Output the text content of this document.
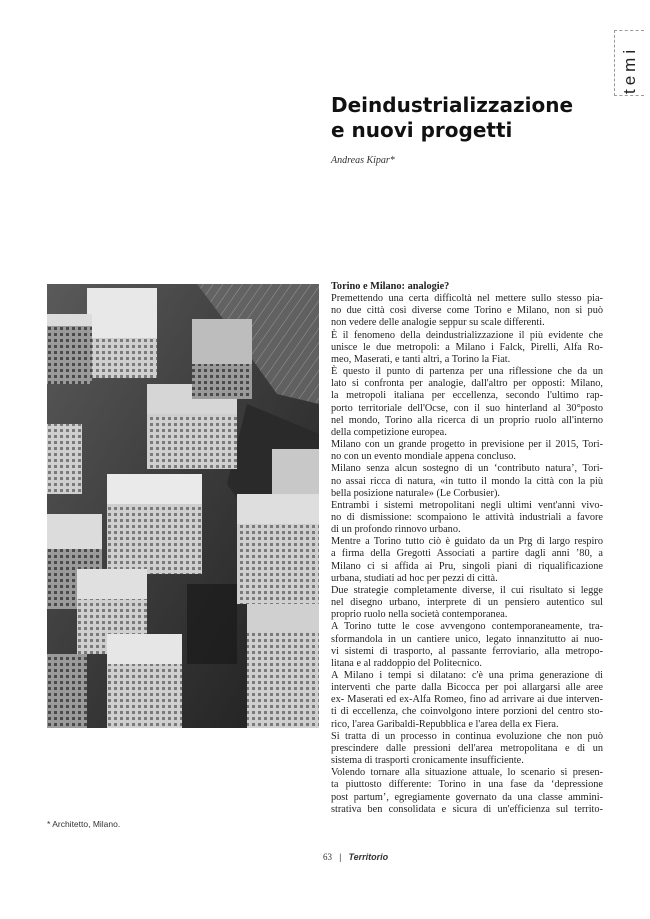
temi
Deindustrializzazione
e nuovi progetti
Andreas Kipar*
Torino e Milano: analogie?
Premettendo una certa difficoltà nel mettere sullo stesso pia-
no due città così diverse come Torino e Milano, non si può
non vedere delle analogie seppur su scale differenti.
È il fenomeno della deindustrializzazione il più evidente che
unisce le due metropoli: a Milano i Falck, Pirelli, Alfa Ro-
meo, Maserati, e tanti altri, a Torino la Fiat.
È questo il punto di partenza per una riflessione che da un
lato si confronta per analogie, dall'altro per opposti: Milano,
la metropoli italiana per eccellenza, secondo l'ultimo rap-
porto territoriale dell'Ocse, con il suo hinterland al 30°posto
nel mondo, Torino alla ricerca di un proprio ruolo all'interno
della competizione europea.
Milano con un grande progetto in previsione per il 2015, Tori-
no con un evento mondiale appena concluso.
Milano senza alcun sostegno di un ‘contributo natura’, Tori-
no assai ricca di natura, «in tutto il mondo la città con la più
bella posizione naturale» (Le Corbusier).
Entrambi i sistemi metropolitani negli ultimi vent'anni vivo-
no di dismissione: scompaiono le attività industriali a favore
di un profondo rinnovo urbano.
Mentre a Torino tutto ciò è guidato da un Prg di largo respiro
a firma della Gregotti Associati a partire dagli anni ’80, a
Milano ci si affida ai Pru, singoli piani di riqualificazione
urbana, studiati ad hoc per pezzi di città.
Due strategie completamente diverse, il cui risultato si legge
nel disegno urbano, interprete di un pensiero autentico sul
proprio ruolo nella società contemporanea.
A Torino tutte le cose avvengono contemporaneamente, tra-
sformandola in un cantiere unico, legato innanzitutto ai nuo-
vi sistemi di trasporto, al passante ferroviario, alla metropo-
litana e al raddoppio del Politecnico.
A Milano i tempi si dilatano: c'è una prima generazione di
interventi che parte dalla Bicocca per poi allargarsi alle aree
ex- Maserati ed ex-Alfa Romeo, fino ad arrivare ai due interven-
ti di eccellenza, che coinvolgono intere porzioni del centro sto-
rico, l'area Garibaldi-Repubblica e l'area della ex Fiera.
Si tratta di un processo in continua evoluzione che non può
prescindere dalle pressioni dell'area metropolitana e di un
sistema di trasporti cronicamente insufficiente.
Volendo tornare alla situazione attuale, lo scenario si presen-
ta piuttosto differente: Torino in una fase da ‘depressione
post partum’, egregiamente governato da una classe ammini-
strativa ben consolidata e sicura di un'efficienza sul territo-
* Architetto, Milano.
63 | Territorio
